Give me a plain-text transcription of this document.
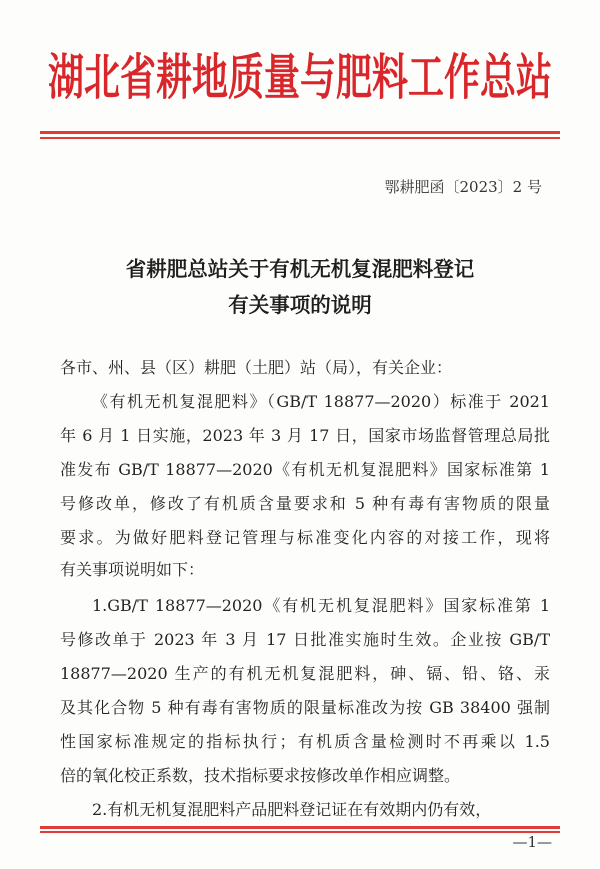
湖北省耕地质量与肥料工作总站
鄂耕肥函〔2023〕2 号
省耕肥总站关于有机无机复混肥料登记
有关事项的说明
各市、州、县（区）耕肥（土肥）站（局），有关企业：
《有机无机复混肥料》（GB/T 18877—2020）标准于 2021
年 6 月 1 日实施，2023 年 3 月 17 日，国家市场监督管理总局批
准发布 GB/T 18877—2020《有机无机复混肥料》国家标准第 1
号修改单，修改了有机质含量要求和 5 种有毒有害物质的限量
要求。为做好肥料登记管理与标准变化内容的对接工作，现将
有关事项说明如下：
1.GB/T 18877—2020《有机无机复混肥料》国家标准第 1
号修改单于 2023 年 3 月 17 日批准实施时生效。企业按 GB/T
18877—2020 生产的有机无机复混肥料，砷、镉、铅、铬、汞
及其化合物 5 种有毒有害物质的限量标准改为按 GB 38400 强制
性国家标准规定的指标执行；有机质含量检测时不再乘以 1.5
倍的氧化校正系数，技术指标要求按修改单作相应调整。
2.有机无机复混肥料产品肥料登记证在有效期内仍有效，
—1—
